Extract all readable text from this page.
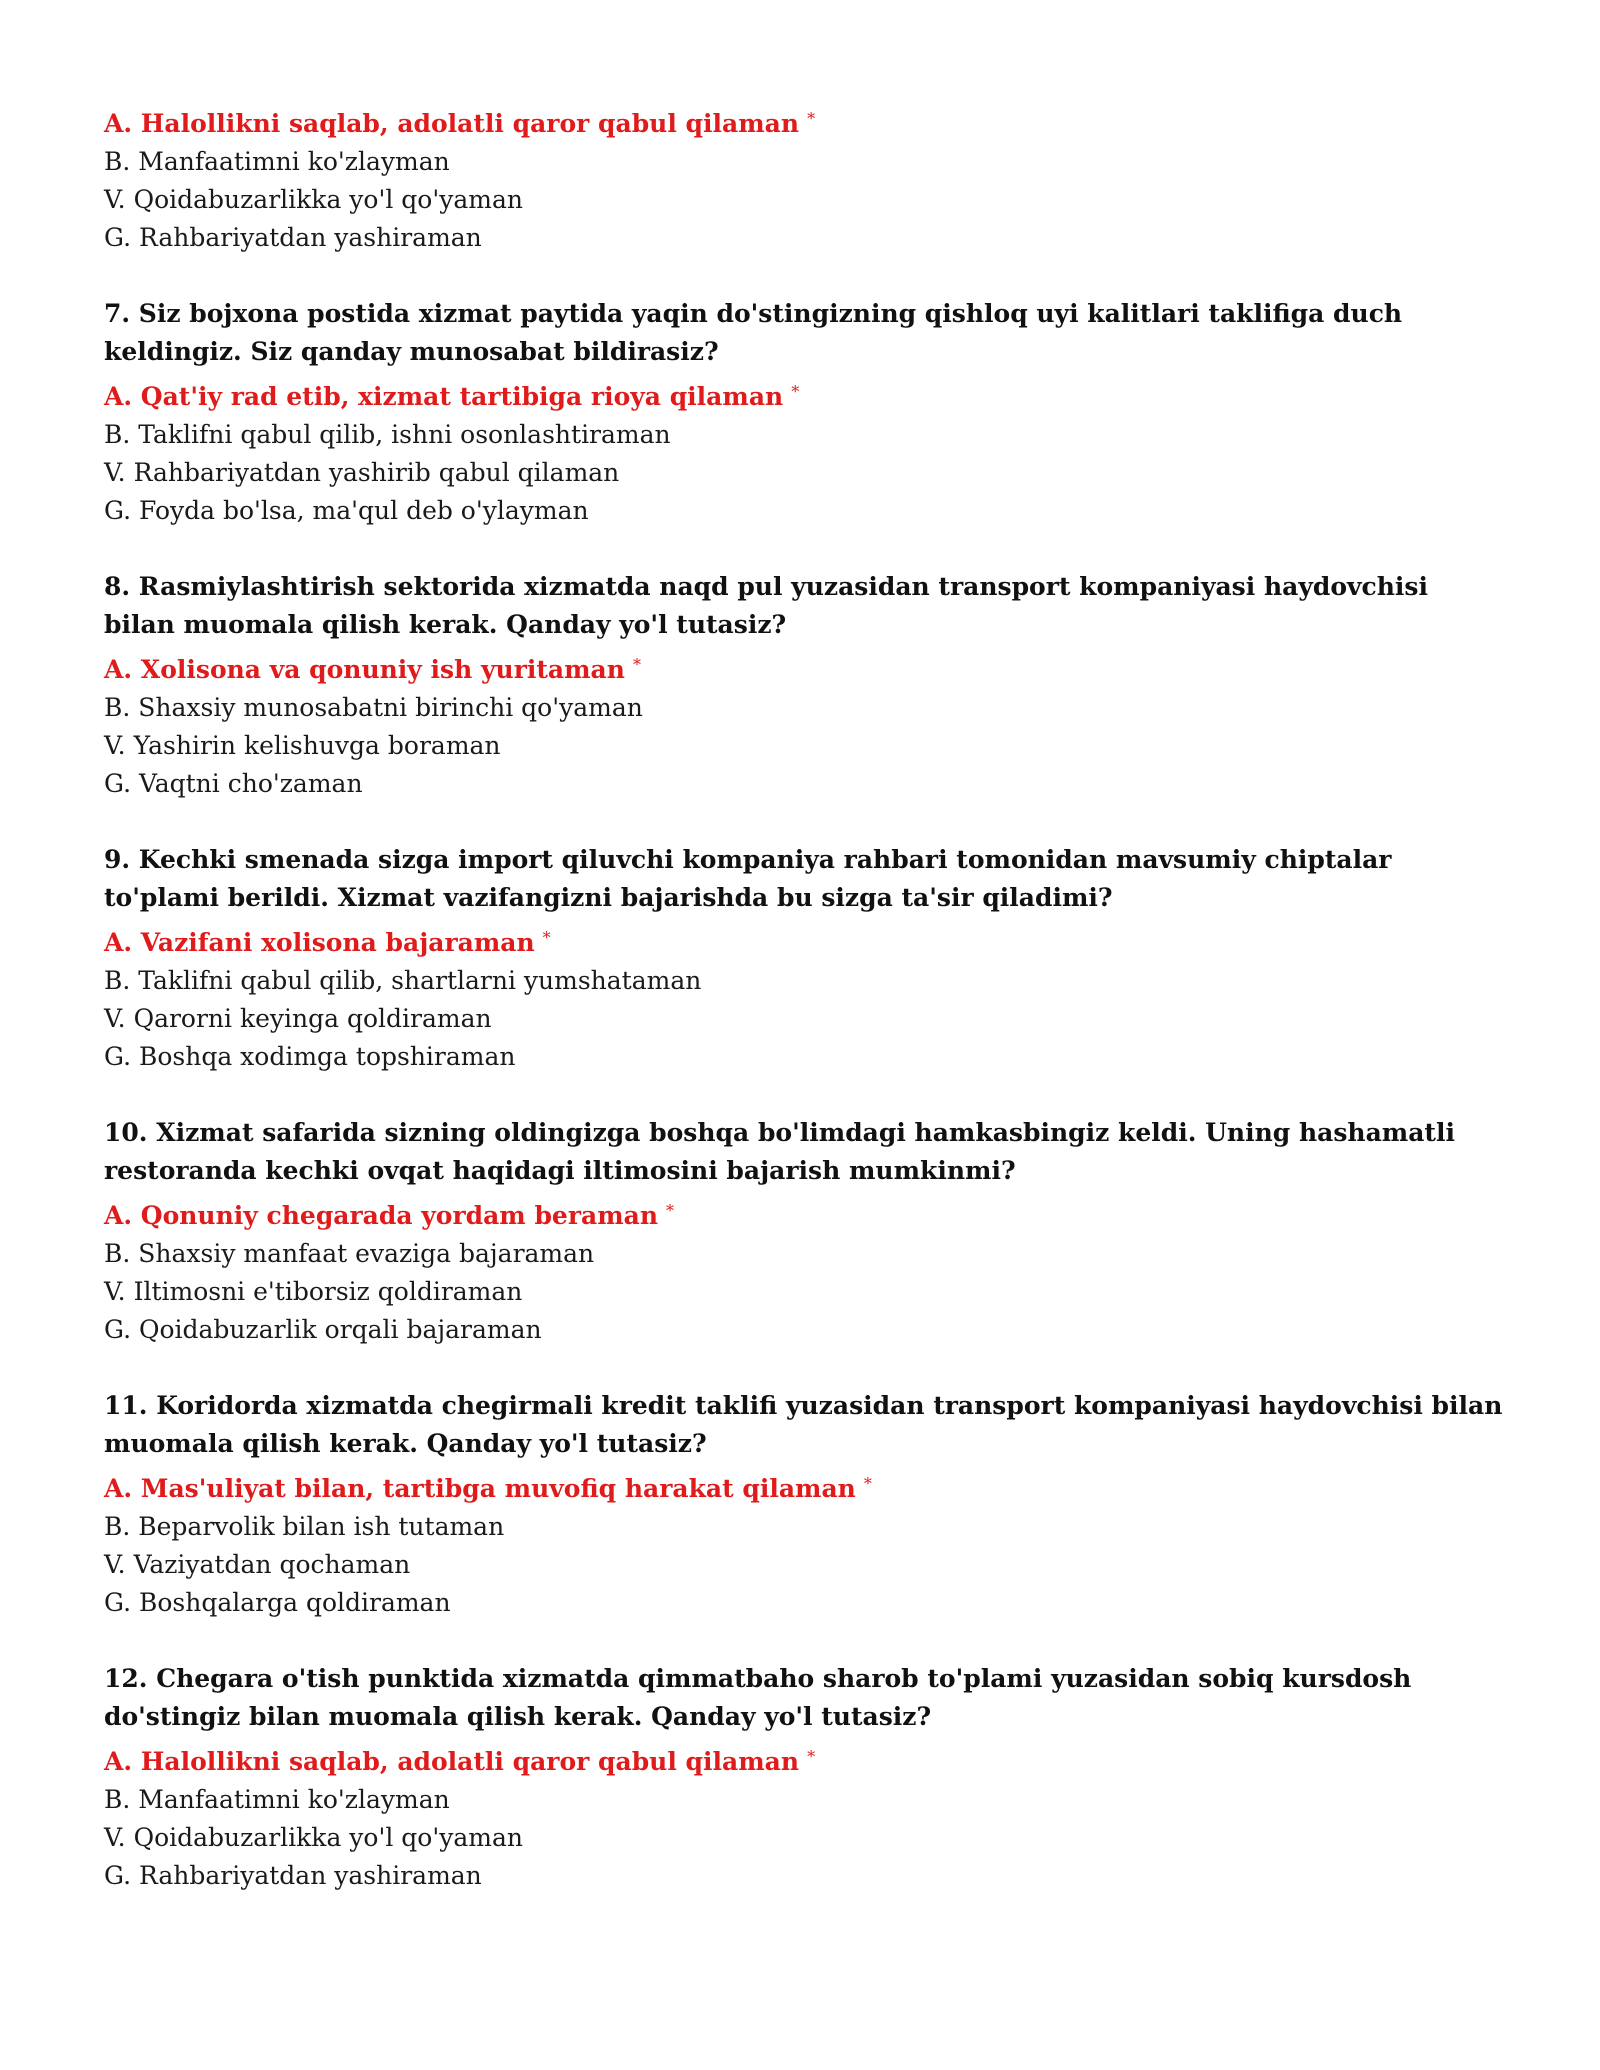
A. Halollikni saqlab, adolatli qaror qabul qilaman *

B. Manfaatimni ko'zlayman

V. Qoidabuzarlikka yo'l qo'yaman

G. Rahbariyatdan yashiraman

7. Siz bojxona postida xizmat paytida yaqin do'stingizning qishloq uyi kalitlari taklifiga duch keldingiz. Siz qanday munosabat bildirasiz?

A. Qat'iy rad etib, xizmat tartibiga rioya qilaman *

B. Taklifni qabul qilib, ishni osonlashtiraman

V. Rahbariyatdan yashirib qabul qilaman

G. Foyda bo'lsa, ma'qul deb o'ylayman

8. Rasmiylashtirish sektorida xizmatda naqd pul yuzasidan transport kompaniyasi haydovchisi bilan muomala qilish kerak. Qanday yo'l tutasiz?

A. Xolisona va qonuniy ish yuritaman *

B. Shaxsiy munosabatni birinchi qo'yaman

V. Yashirin kelishuvga boraman

G. Vaqtni cho'zaman

9. Kechki smenada sizga import qiluvchi kompaniya rahbari tomonidan mavsumiy chiptalar to'plami berildi. Xizmat vazifangizni bajarishda bu sizga ta'sir qiladimi?

A. Vazifani xolisona bajaraman *

B. Taklifni qabul qilib, shartlarni yumshataman

V. Qarorni keyinga qoldiraman

G. Boshqa xodimga topshiraman

10. Xizmat safarida sizning oldingizga boshqa bo'limdagi hamkasbingiz keldi. Uning hashamatli restoranda kechki ovqat haqidagi iltimosini bajarish mumkinmi?

A. Qonuniy chegarada yordam beraman *

B. Shaxsiy manfaat evaziga bajaraman

V. Iltimosni e'tiborsiz qoldiraman

G. Qoidabuzarlik orqali bajaraman

11. Koridorda xizmatda chegirmali kredit taklifi yuzasidan transport kompaniyasi haydovchisi bilan muomala qilish kerak. Qanday yo'l tutasiz?

A. Mas'uliyat bilan, tartibga muvofiq harakat qilaman *

B. Beparvolik bilan ish tutaman

V. Vaziyatdan qochaman

G. Boshqalarga qoldiraman

12. Chegara o'tish punktida xizmatda qimmatbaho sharob to'plami yuzasidan sobiq kursdosh do'stingiz bilan muomala qilish kerak. Qanday yo'l tutasiz?

A. Halollikni saqlab, adolatli qaror qabul qilaman *

B. Manfaatimni ko'zlayman

V. Qoidabuzarlikka yo'l qo'yaman

G. Rahbariyatdan yashiraman
